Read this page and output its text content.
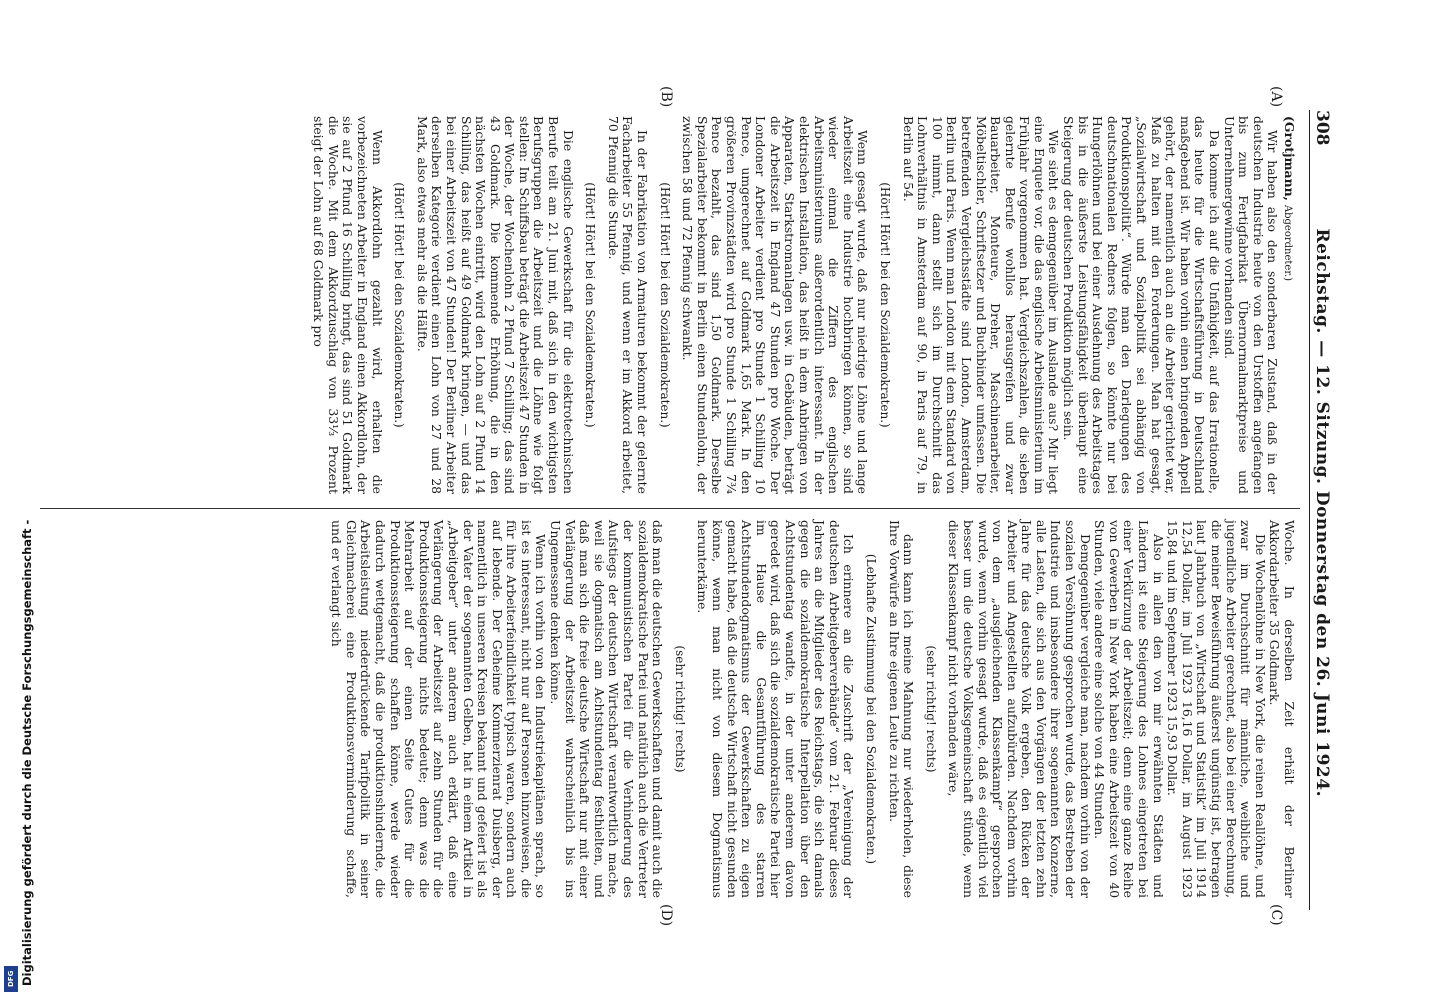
308
Reichstag. — 12. Sitzung. Donnerstag den 26. Juni 1924.
(A)
(B)
(C)
(D)

(Grotjmann, Abgeordneter.)

Wir haben also den sonderbaren Zustand, daß in der deutschen Industrie heute von den Urstoffen angefangen bis zum Fertigfabrikat Übernormalmarktpreise und Unternehmergewinne vorhanden sind.

Da komme ich auf die Unfähigkeit, auf das Irrationelle, das heute für die Wirtschaftsführung in Deutschland maßgebend ist. Wir haben vorhin einen bringenden Appell gehört, der namentlich auch an die Arbeiter gerichtet war, Maß zu halten mit den Forderungen. Man hat gesagt, „Sozialwirtschaft und Sozialpolitik sei abhängig von Produktionspolitik“. Würde man den Darlegungen des deutschnationalen Redners folgen, so könnte nur bei Hungerlöhnen und bei einer Ausdehnung des Arbeitstages bis in die äußerste Leistungsfähigkeit überhaupt eine Steigerung der deutschen Produktion möglich sein.

Wie sieht es demgegenüber im Auslande aus? Mir liegt eine Enquete vor, die das englische Arbeitsministerium im Frühjahr vorgenommen hat. Vergleichszahlen, die sieben gelernte Berufe wohllos herausgreifen und zwar Bauarbeiter, Monteure, Dreher, Maschinenarbeiter, Möbeltischler, Schriftsetzer und Buchbinder umfassen. Die betreffenden Vergleichsstädte sind London, Amsterdam, Berlin und Paris. Wenn man London mit dem Standard von 100 nimmt, dann stellt sich im Durchschnitt das Lohnverhältnis in Amsterdam auf 90, in Paris auf 79, in Berlin auf 54.

(Hört! Hört! bei den Sozialdemokraten.)

Wenn gesagt wurde, daß nur niedrige Löhne und lange Arbeitszeit eine Industrie hochbringen können, so sind wieder einmal die Ziffern des englischen Arbeitsministeriums außerordentlich interessant. In der elektrischen Installation, das heißt in dem Anbringen von Apparaten, Starkstromanlagen usw. in Gebäuden, beträgt die Arbeitszeit in England 47 Stunden pro Woche. Der Londoner Arbeiter verdient pro Stunde 1 Schilling 10 Pence, umgerechnet auf Goldmark 1,65 Mark. In den größeren Provinzstädten wird pro Stunde 1 Schilling 7¾ Pence bezahlt, das sind 1,50 Goldmark. Derselbe Spezialarbeiter bekommt in Berlin einen Stundenlohn, der zwischen 58 und 72 Pfennig schwankt.

(Hört! Hört! bei den Sozialdemokraten.)

In der Fabrikation von Armaturen bekommt der gelernte Facharbeiter 55 Pfennig, und wenn er im Akkord arbeitet, 70 Pfennig die Stunde.

(Hört! Hört! bei den Sozialdemokraten.)

Die englische Gewerkschaft für die elektrotechnischen Berufe teilt am 21. Juni mit, daß sich in den wichtigsten Berufsgruppen die Arbeitszeit und die Löhne wie folgt stellen: Im Schiffsbau beträgt die Arbeitszeit 47 Stunden in der Woche, der Wochenlohn 2 Pfund 7 Schilling; das sind 43 Goldmark. Die kommende Erhöhung, die in den nächsten Wochen eintritt, wird den Lohn auf 2 Pfund 14 Schilling, das heißt auf 49 Goldmark bringen, — und das bei einer Arbeitszeit von 47 Stunden! Der Berliner Arbeiter derselben Kategorie verdient einen Lohn von 27 und 28 Mark, also etwas mehr als die Hälfte.

(Hört! Hört! bei den Sozialdemokraten.)

Wenn Akkordlohn gezahlt wird, erhalten die vorbezeichneten Arbeiter in England einen Akkordlohn, der sie auf 2 Pfund 16 Schilling bringt, das sind 51 Goldmark die Woche. Mit dem Akkordzuschlag von 33⅓ Prozent steigt der Lohn auf 68 Goldmark pro

Woche. In derselben Zeit erhält der Berliner Akkordarbeiter 35 Goldmark.

Die Wochenlöhne in New York, die reinen Reallöhne, und zwar im Durchschnitt für männliche, weibliche und jugendliche Arbeiter gerechnet, also bei einer Berechnung, die meiner Beweisführung äußerst ungünstig ist, betragen laut Jahrbuch von „Wirtschaft und Statistik“ im Juli 1914 12,54 Dollar, im Juli 1923 16,16 Dollar, im August 1923 15,84 und im September 1923 15,93 Dollar.

Also in allen den von mir erwähnten Städten und Ländern ist eine Steigerung des Lohnes eingetreten bei einer Verkürzung der Arbeitszeit; denn eine ganze Reihe von Gewerben in New York haben eine Arbeitszeit von 40 Stunden, viele andere eine solche von 44 Stunden.

Demgegenüber vergleiche man, nachdem vorhin von der sozialen Versöhnung gesprochen wurde, das Bestreben der Industrie und insbesondere ihrer sogenannten Konzerne, alle Lasten, die sich aus den Vorgängen der letzten zehn Jahre für das deutsche Volk ergeben, den Rücken der Arbeiter und Angestellten aufzubürden. Nachdem vorhin von dem „ausgleichenden Klassenkampf“ gesprochen wurde, wenn vorhin gesagt wurde, daß es eigentlich viel besser um die deutsche Volksgemeinschaft stünde, wenn dieser Klassenkampf nicht vorhanden wäre,

(sehr richtig! rechts)

dann kann ich meine Mahnung nur wiederholen, diese Ihre Vorwürfe an Ihre eigenen Leute zu richten.

(Lebhafte Zustimmung bei den Sozialdemokraten.)

Ich erinnere an die Zuschrift der „Vereinigung der deutschen Arbeitgeberverbände“ vom 21. Februar dieses Jahres an die Mitglieder des Reichstags, die sich damals gegen die sozialdemokratische Interpellation über den Achtstundentag wandte, in der unter anderem davon geredet wird, daß sich die sozialdemokratische Partei hier im Hause die Gesamtführung des starren Achtstundendogmatismus der Gewerkschaften zu eigen gemacht habe, daß die deutsche Wirtschaft nicht gesunden könne, wenn man nicht von diesem Dogmatismus herunterkäme.

(sehr richtig! rechts)

daß man die deutschen Gewerkschaften und damit auch die sozialdemokratische Partei und natürlich auch die Vertreter der kommunistischen Partei für die Verhinderung des Aufstiegs der deutschen Wirtschaft verantwortlich mache, weil sie dogmatisch am Achtstundentag festhielten, und daß man sich die freie deutsche Wirtschaft nur mit einer Verlängerung der Arbeitszeit wahrscheinlich bis ins Ungemessene denken könne.

Wenn ich vorhin von den Industriekapitänen sprach, so ist es interessant, nicht nur auf Personen hinzuweisen, die für ihre Arbeiterfeindlichkeit typisch waren, sondern auch auf lebende. Der Geheime Kommerzienrat Duisberg, der namentlich in unseren Kreisen bekannt und gefeiert ist als der Vater der sogenannten Gelben, hat in einem Artikel in „Arbeitgeber“ unter anderem auch erklärt, daß eine Verlängerung der Arbeitszeit auf zehn Stunden für die Produktionssteigerung nichts bedeute; denn was die Mehrarbeit auf der einen Seite Gutes für die Produktionssteigerung schaffen könne, werde wieder dadurch wettgemacht, daß die produktionshindernde, die Arbeitsleistung niederdrückende Tarifpolitik in seiner Gleichmacherei eine Produktionsverminderung schaffe, und er verlangt sich

Digitalisierung gefördert durch die Deutsche Forschungsgemeinschaft -
DFG
